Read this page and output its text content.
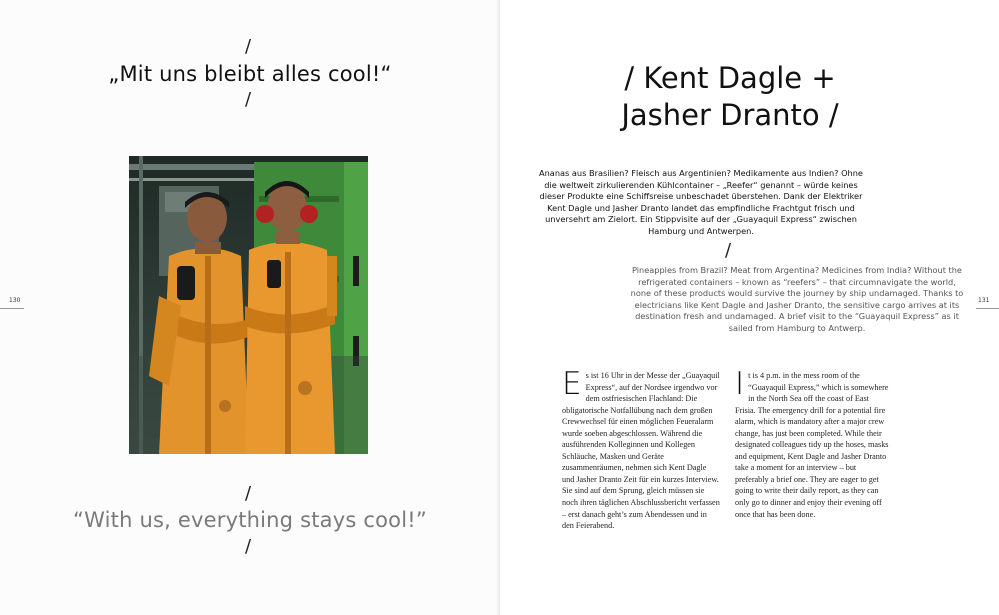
/
„Mit uns bleibt alles cool!“
/
/
“With us, everything stays cool!”
/
130	131
/ Kent Dagle +
Jasher Dranto /
Ananas aus Brasilien? Fleisch aus Argentinien? Medikamente aus Indien? Ohne die weltweit zirkulierenden Kühlcontainer – „Reefer“ genannt – würde keines dieser Produkte eine Schiffsreise unbeschadet überstehen. Dank der Elektriker Kent Dagle und Jasher Dranto landet das empfindliche Frachtgut frisch und unversehrt am Zielort. Ein Stippvisite auf der „Guayaquil Express“ zwischen Hamburg und Antwerpen.
/
Pineapples from Brazil? Meat from Argentina? Medicines from India? Without the refrigerated containers – known as “reefers” – that circumnavigate the world, none of these products would survive the journey by ship undamaged. Thanks to electricians like Kent Dagle and Jasher Dranto, the sensitive cargo arrives at its destination fresh and undamaged. A brief visit to the “Guayaquil Express” as it sailed from Hamburg to Antwerp.
Es ist 16 Uhr in der Messe der „Guayaquil Express“, auf der Nordsee irgendwo vor dem ostfriesischen Flachland: Die obligatorische Notfallübung nach dem großen Crewwechsel für einen möglichen Feueralarm wurde soeben abgeschlossen. Während die ausführenden Kolleginnen und Kollegen Schläuche, Masken und Geräte zusammenräumen, nehmen sich Kent Dagle und Jasher Dranto Zeit für ein kurzes Interview. Sie sind auf dem Sprung, gleich müssen sie noch ihren täglichen Abschlussbericht verfassen – erst danach geht’s zum Abendessen und in den Feierabend.
It is 4 p.m. in the mess room of the “Guayaquil Express,” which is somewhere in the North Sea off the coast of East Frisia. The emergency drill for a potential fire alarm, which is mandatory after a major crew change, has just been completed. While their designated colleagues tidy up the hoses, masks and equipment, Kent Dagle and Jasher Dranto take a moment for an interview – but preferably a brief one. They are eager to get going to write their daily report, as they can only go to dinner and enjoy their evening off once that has been done.
